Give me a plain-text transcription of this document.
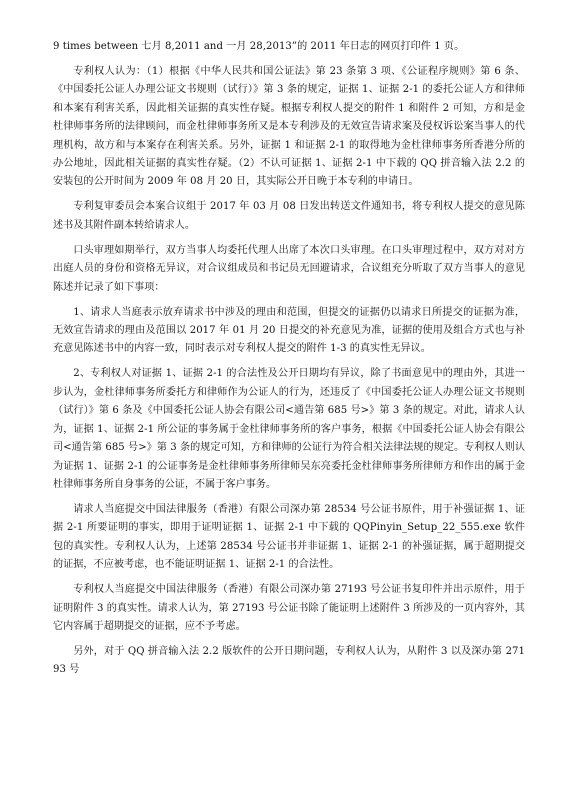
9 times between 七月 8,2011 and 一月 28,2013”的 2011 年日志的网页打印件 1 页。

专利权人认为：（1）根据《中华人民共和国公证法》第 23 条第 3 项、《公证程序规则》第 6 条、《中国委托公证人办理公证文书规则（试行）》第 3 条的规定，证据 1、证据 2-1 的委托公证人方和律师和本案有利害关系，因此相关证据的真实性存疑。根据专利权人提交的附件 1 和附件 2 可知，方和是金杜律师事务所的法律顾问，而金杜律师事务所又是本专利涉及的无效宣告请求案及侵权诉讼案当事人的代理机构，故方和与本案存在利害关系。另外，证据 1 和证据 2-1 的取得地为金杜律师事务所香港分所的办公地址，因此相关证据的真实性存疑。（2）不认可证据 1、证据 2-1 中下载的 QQ 拼音输入法 2.2 的安装包的公开时间为 2009 年 08 月 20 日，其实际公开日晚于本专利的申请日。

专利复审委员会本案合议组于 2017 年 03 月 08 日发出转送文件通知书，将专利权人提交的意见陈述书及其附件副本转给请求人。

口头审理如期举行，双方当事人均委托代理人出席了本次口头审理。在口头审理过程中，双方对对方出庭人员的身份和资格无异议，对合议组成员和书记员无回避请求，合议组充分听取了双方当事人的意见陈述并记录了如下事项：

1、请求人当庭表示放弃请求书中涉及的理由和范围，但提交的证据仍以请求日所提交的证据为准，无效宣告请求的理由及范围以 2017 年 01 月 20 日提交的补充意见为准，证据的使用及组合方式也与补充意见陈述书中的内容一致，同时表示对专利权人提交的附件 1-3 的真实性无异议。

2、专利权人对证据 1、证据 2-1 的合法性及公开日期均有异议，除了书面意见中的理由外，其进一步认为，金杜律师事务所委托方和律师作为公证人的行为，还违反了《中国委托公证人办理公证文书规则（试行）》第 6 条及《中国委托公证人协会有限公司<通告第 685 号>》第 3 条的规定。对此，请求人认为，证据 1、证据 2-1 所公证的事务属于金杜律师事务所的客户事务，根据《中国委托公证人协会有限公司<通告第 685 号>》第 3 条的规定可知，方和律师的公证行为符合相关法律法规的规定。专利权人则认为证据 1、证据 2-1 的公证事务是金杜律师事务所律师吴东亮委托金杜律师事务所律师方和作出的属于金杜律师事务所自身事务的公证，不属于客户事务。

请求人当庭提交中国法律服务（香港）有限公司深办第 28534 号公证书原件，用于补强证据 1、证据 2-1 所要证明的事实，即用于证明证据 1、证据 2-1 中下载的 QQPinyin_Setup_22_555.exe 软件包的真实性。专利权人认为，上述第 28534 号公证书并非证据 1、证据 2-1 的补强证据，属于超期提交的证据，不应被考虑，也不能证明证据 1、证据 2-1 的合法性。

专利权人当庭提交中国法律服务（香港）有限公司深办第 27193 号公证书复印件并出示原件，用于证明附件 3 的真实性。请求人认为，第 27193 号公证书除了能证明上述附件 3 所涉及的一页内容外，其它内容属于超期提交的证据，应不予考虑。

另外，对于 QQ 拼音输入法 2.2 版软件的公开日期问题，专利权人认为，从附件 3 以及深办第 27193 号
